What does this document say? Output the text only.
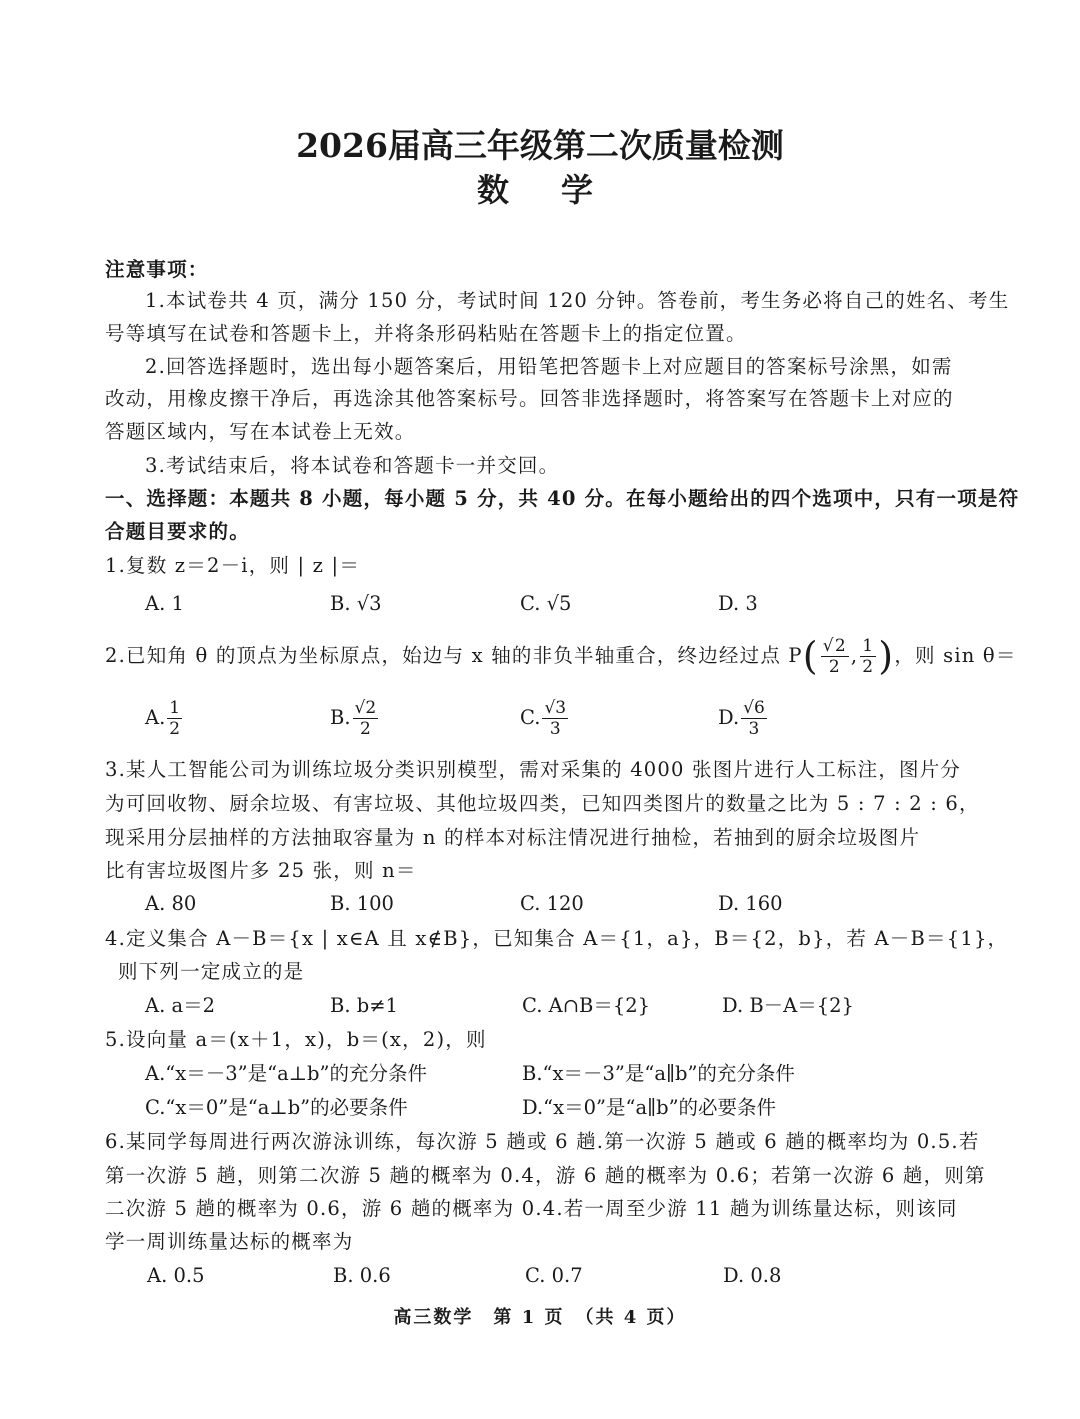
2026届高三年级第二次质量检测
数　学
注意事项：
1.本试卷共 4 页，满分 150 分，考试时间 120 分钟。答卷前，考生务必将自己的姓名、考生
号等填写在试卷和答题卡上，并将条形码粘贴在答题卡上的指定位置。
2.回答选择题时，选出每小题答案后，用铅笔把答题卡上对应题目的答案标号涂黑，如需
改动，用橡皮擦干净后，再选涂其他答案标号。回答非选择题时，将答案写在答题卡上对应的
答题区域内，写在本试卷上无效。
3.考试结束后，将本试卷和答题卡一并交回。
一、选择题：本题共 8 小题，每小题 5 分，共 40 分。在每小题给出的四个选项中，只有一项是符
合题目要求的。
1.复数 z＝2－i，则 | z |＝
A. 1	B. √3	C. √5	D. 3
2.已知角 θ 的顶点为坐标原点，始边与 x 轴的非负半轴重合，终边经过点 P ( $\frac{√2}{2}$ , $\frac{1}{2}$ ) ，则 sin θ＝
A. $\frac{1}{2}$	B. $\frac{√2}{2}$	C. $\frac{√3}{3}$	D. $\frac{√6}{3}$
3.某人工智能公司为训练垃圾分类识别模型，需对采集的 4000 张图片进行人工标注，图片分
为可回收物、厨余垃圾、有害垃圾、其他垃圾四类，已知四类图片的数量之比为 5 : 7 : 2 : 6，
现采用分层抽样的方法抽取容量为 n 的样本对标注情况进行抽检，若抽到的厨余垃圾图片
比有害垃圾图片多 25 张，则 n＝
A. 80	B. 100	C. 120	D. 160
4.定义集合 A－B＝{x | x∈A 且 x∉B}，已知集合 A＝{1，a}，B＝{2，b}，若 A－B＝{1}，
则下列一定成立的是
A. a＝2	B. b≠1	C. A∩B＝{2}	D. B－A＝{2}
5.设向量 a＝(x＋1，x)，b＝(x，2)，则
A.“x＝－3”是“a⊥b”的充分条件	B.“x＝－3”是“a∥b”的充分条件
C.“x＝0”是“a⊥b”的必要条件	D.“x＝0”是“a∥b”的必要条件
6.某同学每周进行两次游泳训练，每次游 5 趟或 6 趟.第一次游 5 趟或 6 趟的概率均为 0.5.若
第一次游 5 趟，则第二次游 5 趟的概率为 0.4，游 6 趟的概率为 0.6；若第一次游 6 趟，则第
二次游 5 趟的概率为 0.6，游 6 趟的概率为 0.4.若一周至少游 11 趟为训练量达标，则该同
学一周训练量达标的概率为
A. 0.5	B. 0.6	C. 0.7	D. 0.8
高三数学　第 1 页　（共 4 页）
